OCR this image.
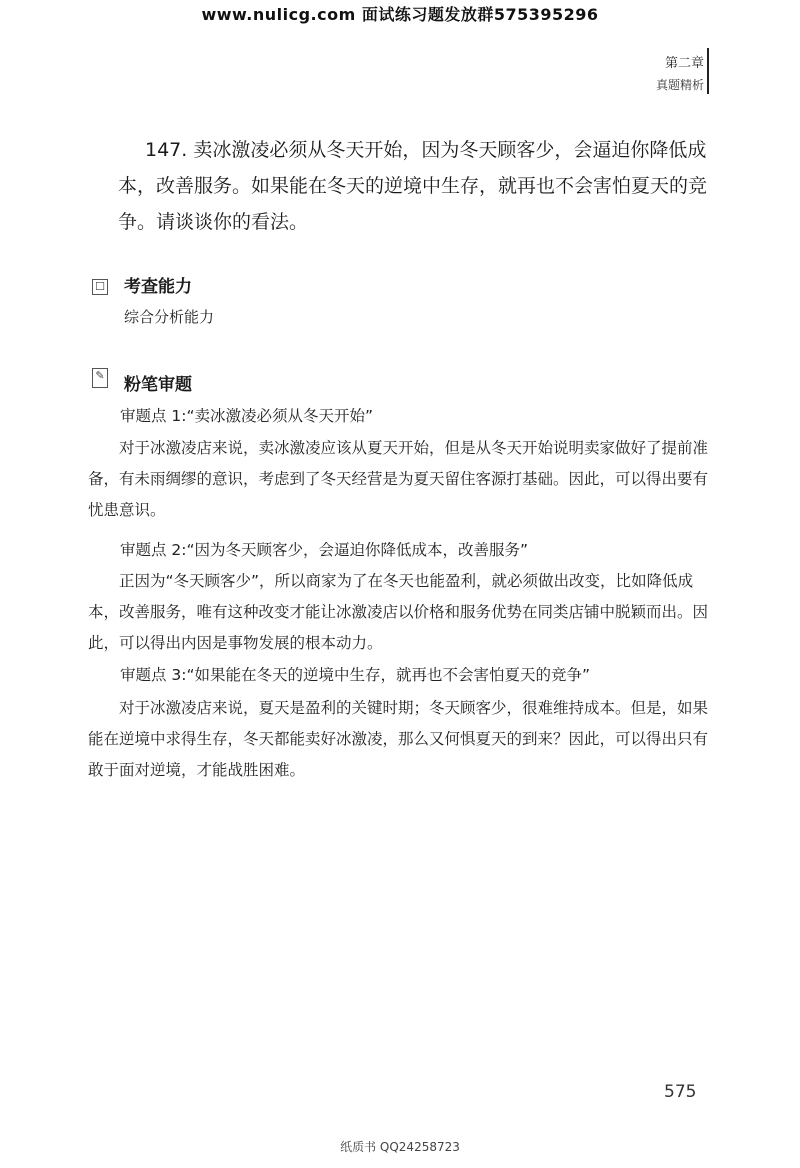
www.nulicg.com 面试练习题发放群575395296
第二章
真题精析
147. 卖冰激凌必须从冬天开始，因为冬天顾客少，会逼迫你降低成本，改善服务。如果能在冬天的逆境中生存，就再也不会害怕夏天的竞争。请谈谈你的看法。
☐ 考查能力
综合分析能力
✎ 粉笔审题
审题点 1:“卖冰激凌必须从冬天开始”
对于冰激凌店来说，卖冰激凌应该从夏天开始，但是从冬天开始说明卖家做好了提前准备，有未雨绸缪的意识，考虑到了冬天经营是为夏天留住客源打基础。因此，可以得出要有忧患意识。
审题点 2:“因为冬天顾客少，会逼迫你降低成本，改善服务”
正因为“冬天顾客少”，所以商家为了在冬天也能盈利，就必须做出改变，比如降低成本，改善服务，唯有这种改变才能让冰激凌店以价格和服务优势在同类店铺中脱颖而出。因此，可以得出内因是事物发展的根本动力。
审题点 3:“如果能在冬天的逆境中生存，就再也不会害怕夏天的竞争”
对于冰激凌店来说，夏天是盈利的关键时期；冬天顾客少，很难维持成本。但是，如果能在逆境中求得生存，冬天都能卖好冰激凌，那么又何惧夏天的到来？因此，可以得出只有敢于面对逆境，才能战胜困难。
575
纸质书 QQ24258723
